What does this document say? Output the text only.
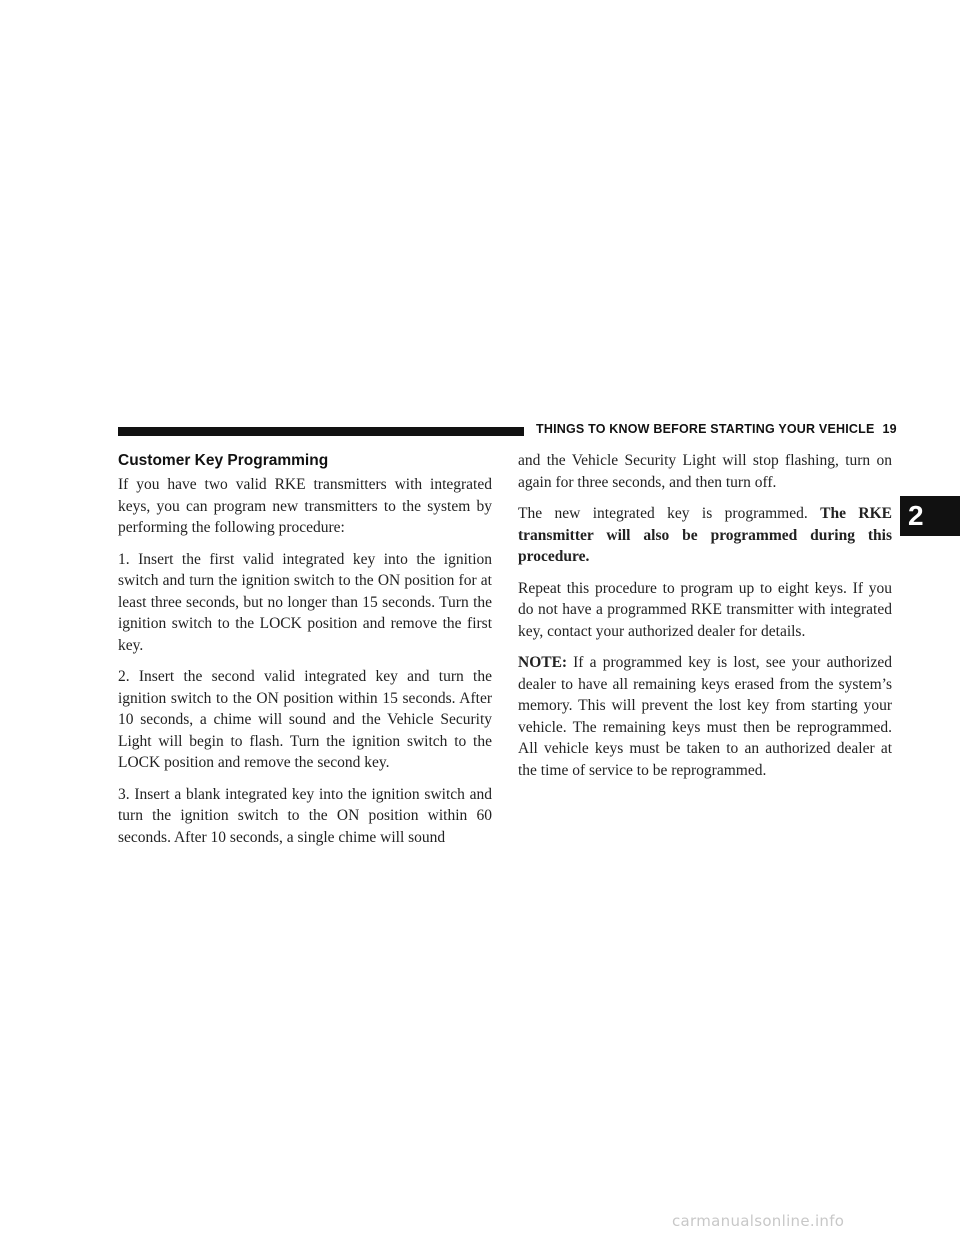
THINGS TO KNOW BEFORE STARTING YOUR VEHICLE 19
2
Customer Key Programming

If you have two valid RKE transmitters with integrated keys, you can program new transmitters to the system by performing the following procedure:

1. Insert the first valid integrated key into the ignition switch and turn the ignition switch to the ON position for at least three seconds, but no longer than 15 seconds. Turn the ignition switch to the LOCK position and remove the first key.

2. Insert the second valid integrated key and turn the ignition switch to the ON position within 15 seconds. After 10 seconds, a chime will sound and the Vehicle Security Light will begin to flash. Turn the ignition switch to the LOCK position and remove the second key.

3. Insert a blank integrated key into the ignition switch and turn the ignition switch to the ON position within 60 seconds. After 10 seconds, a single chime will sound

and the Vehicle Security Light will stop flashing, turn on again for three seconds, and then turn off.

The new integrated key is programmed. The RKE transmitter will also be programmed during this procedure.

Repeat this procedure to program up to eight keys. If you do not have a programmed RKE transmitter with integrated key, contact your authorized dealer for details.

NOTE: If a programmed key is lost, see your authorized dealer to have all remaining keys erased from the system’s memory. This will prevent the lost key from starting your vehicle. The remaining keys must then be reprogrammed. All vehicle keys must be taken to an authorized dealer at the time of service to be reprogrammed.

carmanualsonline.info
